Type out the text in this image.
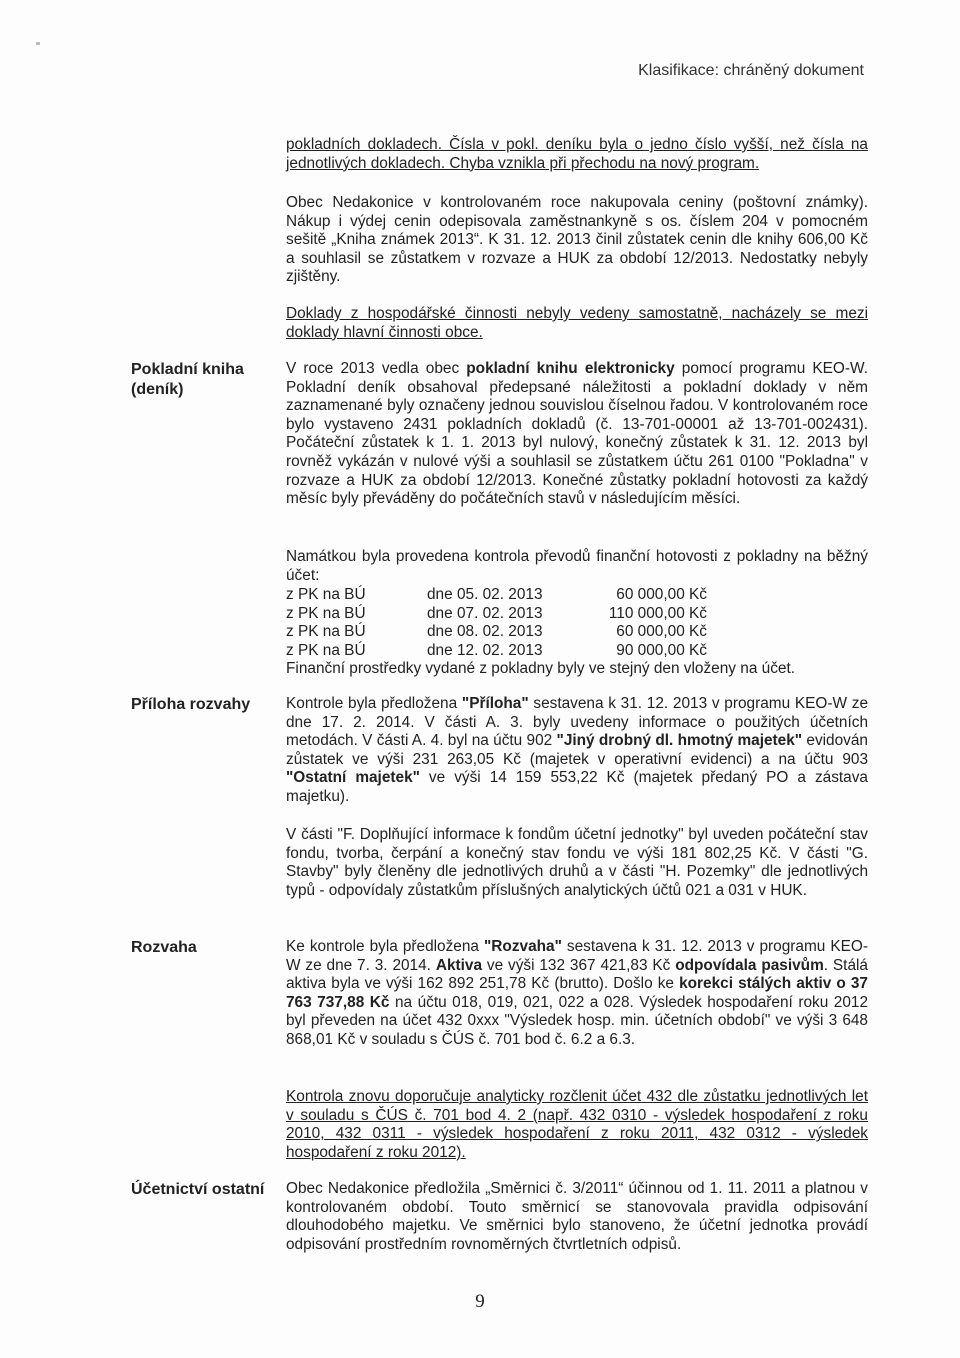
Klasifikace: chráněný dokument

pokladních dokladech. Čísla v pokl. deníku byla o jedno číslo vyšší, než čísla na jednotlivých dokladech. Chyba vznikla při přechodu na nový program.

Obec Nedakonice v kontrolovaném roce nakupovala ceniny (poštovní známky). Nákup i výdej cenin odepisovala zaměstnankyně s os. číslem 204 v pomocném sešitě „Kniha známek 2013“. K 31. 12. 2013 činil zůstatek cenin dle knihy 606,00 Kč a souhlasil se zůstatkem v rozvaze a HUK za období 12/2013. Nedostatky nebyly zjištěny.

Doklady z hospodářské činnosti nebyly vedeny samostatně, nacházely se mezi doklady hlavní činnosti obce.

Pokladní kniha (deník)

V roce 2013 vedla obec pokladní knihu elektronicky pomocí programu KEO-W. Pokladní deník obsahoval předepsané náležitosti a pokladní doklady v něm zaznamenané byly označeny jednou souvislou číselnou řadou. V kontrolovaném roce bylo vystaveno 2431 pokladních dokladů (č. 13-701-00001 až 13-701-002431). Počáteční zůstatek k 1. 1. 2013 byl nulový, konečný zůstatek k 31. 12. 2013 byl rovněž vykázán v nulové výši a souhlasil se zůstatkem účtu 261 0100 "Pokladna" v rozvaze a HUK za období 12/2013. Konečné zůstatky pokladní hotovosti za každý měsíc byly převáděny do počátečních stavů v následujícím měsíci.

Namátkou byla provedena kontrola převodů finanční hotovosti z pokladny na běžný účet:

z PK na BÚ	dne 05. 02. 2013	60 000,00 Kč
z PK na BÚ	dne 07. 02. 2013	110 000,00 Kč
z PK na BÚ	dne 08. 02. 2013	60 000,00 Kč
z PK na BÚ	dne 12. 02. 2013	90 000,00 Kč
Finanční prostředky vydané z pokladny byly ve stejný den vloženy na účet.
Příloha rozvahy	Kontrole byla předložena "Příloha" sestavena k 31. 12. 2013 v programu KEO-W ze dne 17. 2. 2014. V části A. 3. byly uvedeny informace o použitých účetních metodách. V části A. 4. byl na účtu 902 "Jiný drobný dl. hmotný majetek" evidován zůstatek ve výši 231 263,05 Kč (majetek v operativní evidenci) a na účtu 903 "Ostatní majetek" ve výši 14 159 553,22 Kč (majetek předaný PO a zástava majetku).

V části "F. Doplňující informace k fondům účetní jednotky" byl uveden počáteční stav fondu, tvorba, čerpání a konečný stav fondu ve výši 181 802,25 Kč. V části "G. Stavby" byly členěny dle jednotlivých druhů a v části "H. Pozemky" dle jednotlivých typů - odpovídaly zůstatkům příslušných analytických účtů 021 a 031 v HUK.

Rozvaha	Ke kontrole byla předložena "Rozvaha" sestavena k 31. 12. 2013 v programu KEO-W ze dne 7. 3. 2014. Aktiva ve výši 132 367 421,83 Kč odpovídala pasivům. Stálá aktiva byla ve výši 162 892 251,78 Kč (brutto). Došlo ke korekci stálých aktiv o 37 763 737,88 Kč na účtu 018, 019, 021, 022 a 028. Výsledek hospodaření roku 2012 byl převeden na účet 432 0xxx "Výsledek hosp. min. účetních období" ve výši 3 648 868,01 Kč v souladu s ČÚS č. 701 bod č. 6.2 a 6.3.

Kontrola znovu doporučuje analyticky rozčlenit účet 432 dle zůstatku jednotlivých let v souladu s ČÚS č. 701 bod 4. 2 (např. 432 0310 - výsledek hospodaření z roku 2010, 432 0311 - výsledek hospodaření z roku 2011, 432 0312 - výsledek hospodaření z roku 2012).

Účetnictví ostatní	Obec Nedakonice předložila „Směrnici č. 3/2011“ účinnou od 1. 11. 2011 a platnou v kontrolovaném období. Touto směrnicí se stanovovala pravidla odpisování dlouhodobého majetku. Ve směrnici bylo stanoveno, že účetní jednotka provádí odpisování prostředním rovnoměrných čtvrtletních odpisů.

9
